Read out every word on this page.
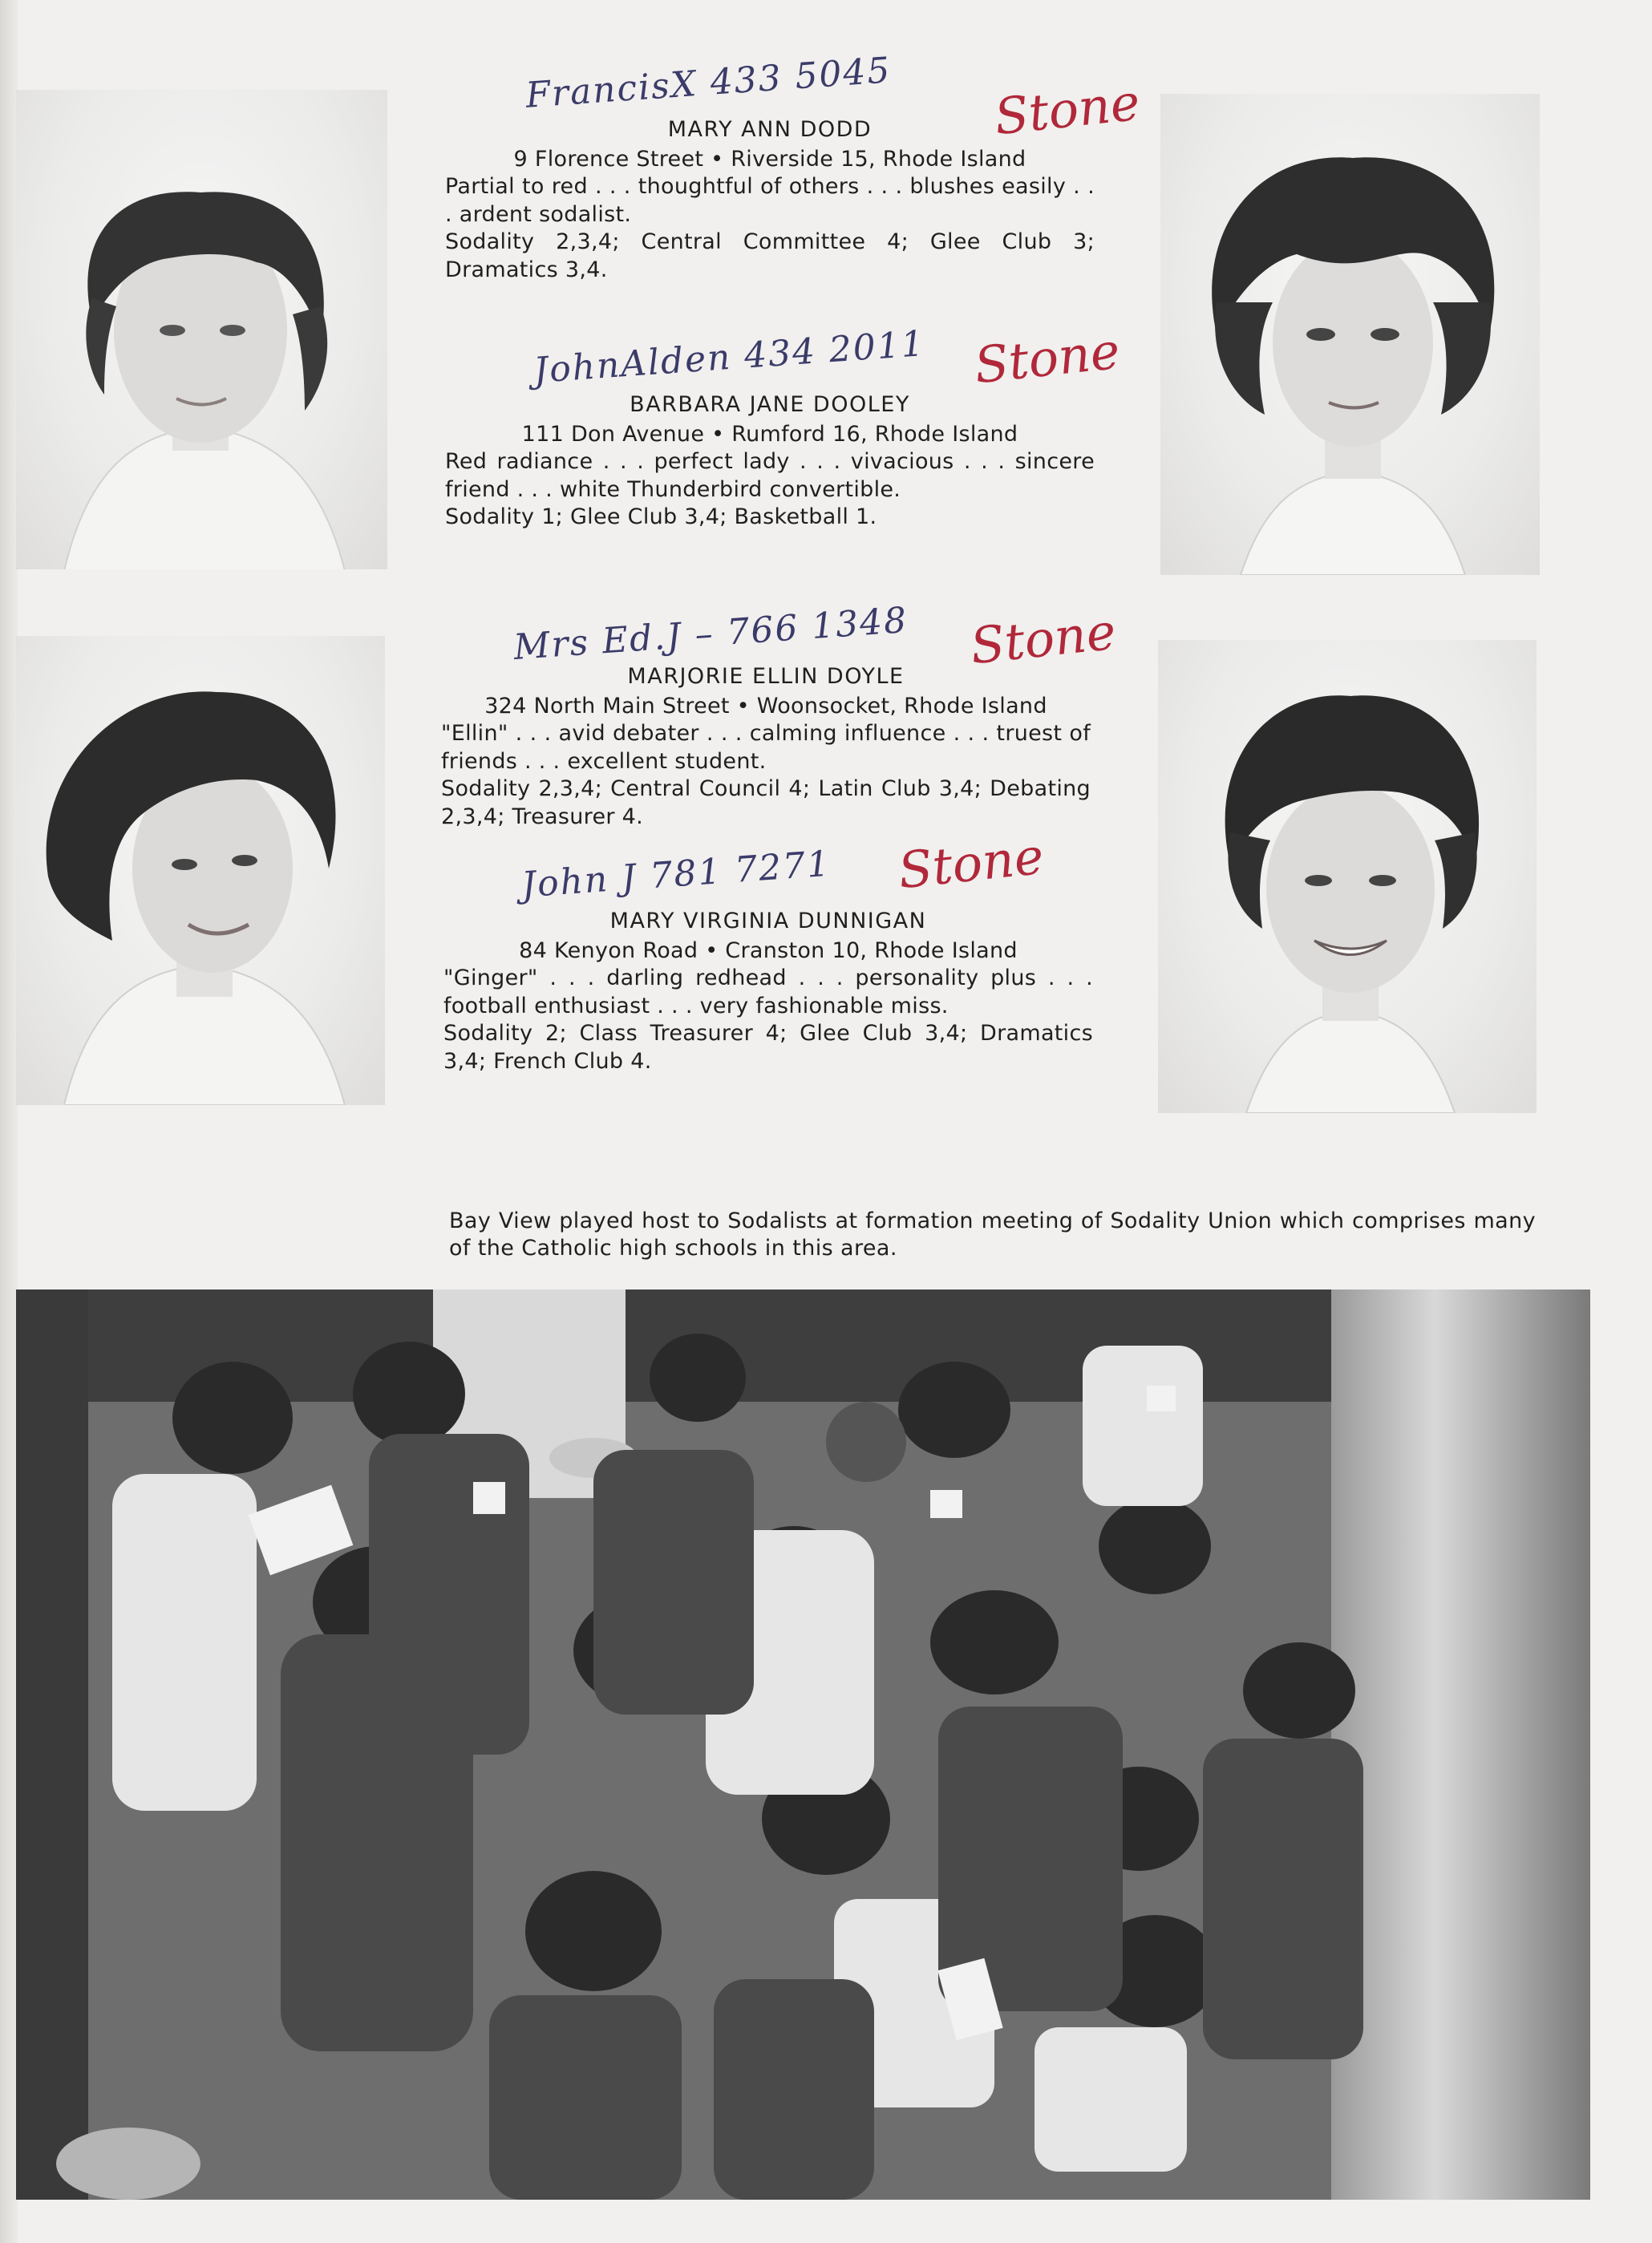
FrancisX 433 5045 Stone
MARY ANN DODD
9 Florence Street • Riverside 15, Rhode Island
Partial to red . . . thoughtful of others . . . blushes easily . . . ardent sodalist.
Sodality 2,3,4; Central Committee 4; Glee Club 3; Dramatics 3,4.
JohnAlden 434 2011 Stone
BARBARA JANE DOOLEY
111 Don Avenue • Rumford 16, Rhode Island
Red radiance . . . perfect lady . . . vivacious . . . sincere friend . . . white Thunderbird convertible.
Sodality 1; Glee Club 3,4; Basketball 1.
Mrs Ed.J – 766 1348 Stone
MARJORIE ELLIN DOYLE
324 North Main Street • Woonsocket, Rhode Island
"Ellin" . . . avid debater . . . calming influence . . . truest of friends . . . excellent student.
Sodality 2,3,4; Central Council 4; Latin Club 3,4; Debating 2,3,4; Treasurer 4.
John J 781 7271 Stone
MARY VIRGINIA DUNNIGAN
84 Kenyon Road • Cranston 10, Rhode Island
"Ginger" . . . darling redhead . . . personality plus . . . football enthusiast . . . very fashionable miss.
Sodality 2; Class Treasurer 4; Glee Club 3,4; Dramatics 3,4; French Club 4.
Bay View played host to Sodalists at formation meeting of Sodality Union which comprises many of the Catholic high schools in this area.
